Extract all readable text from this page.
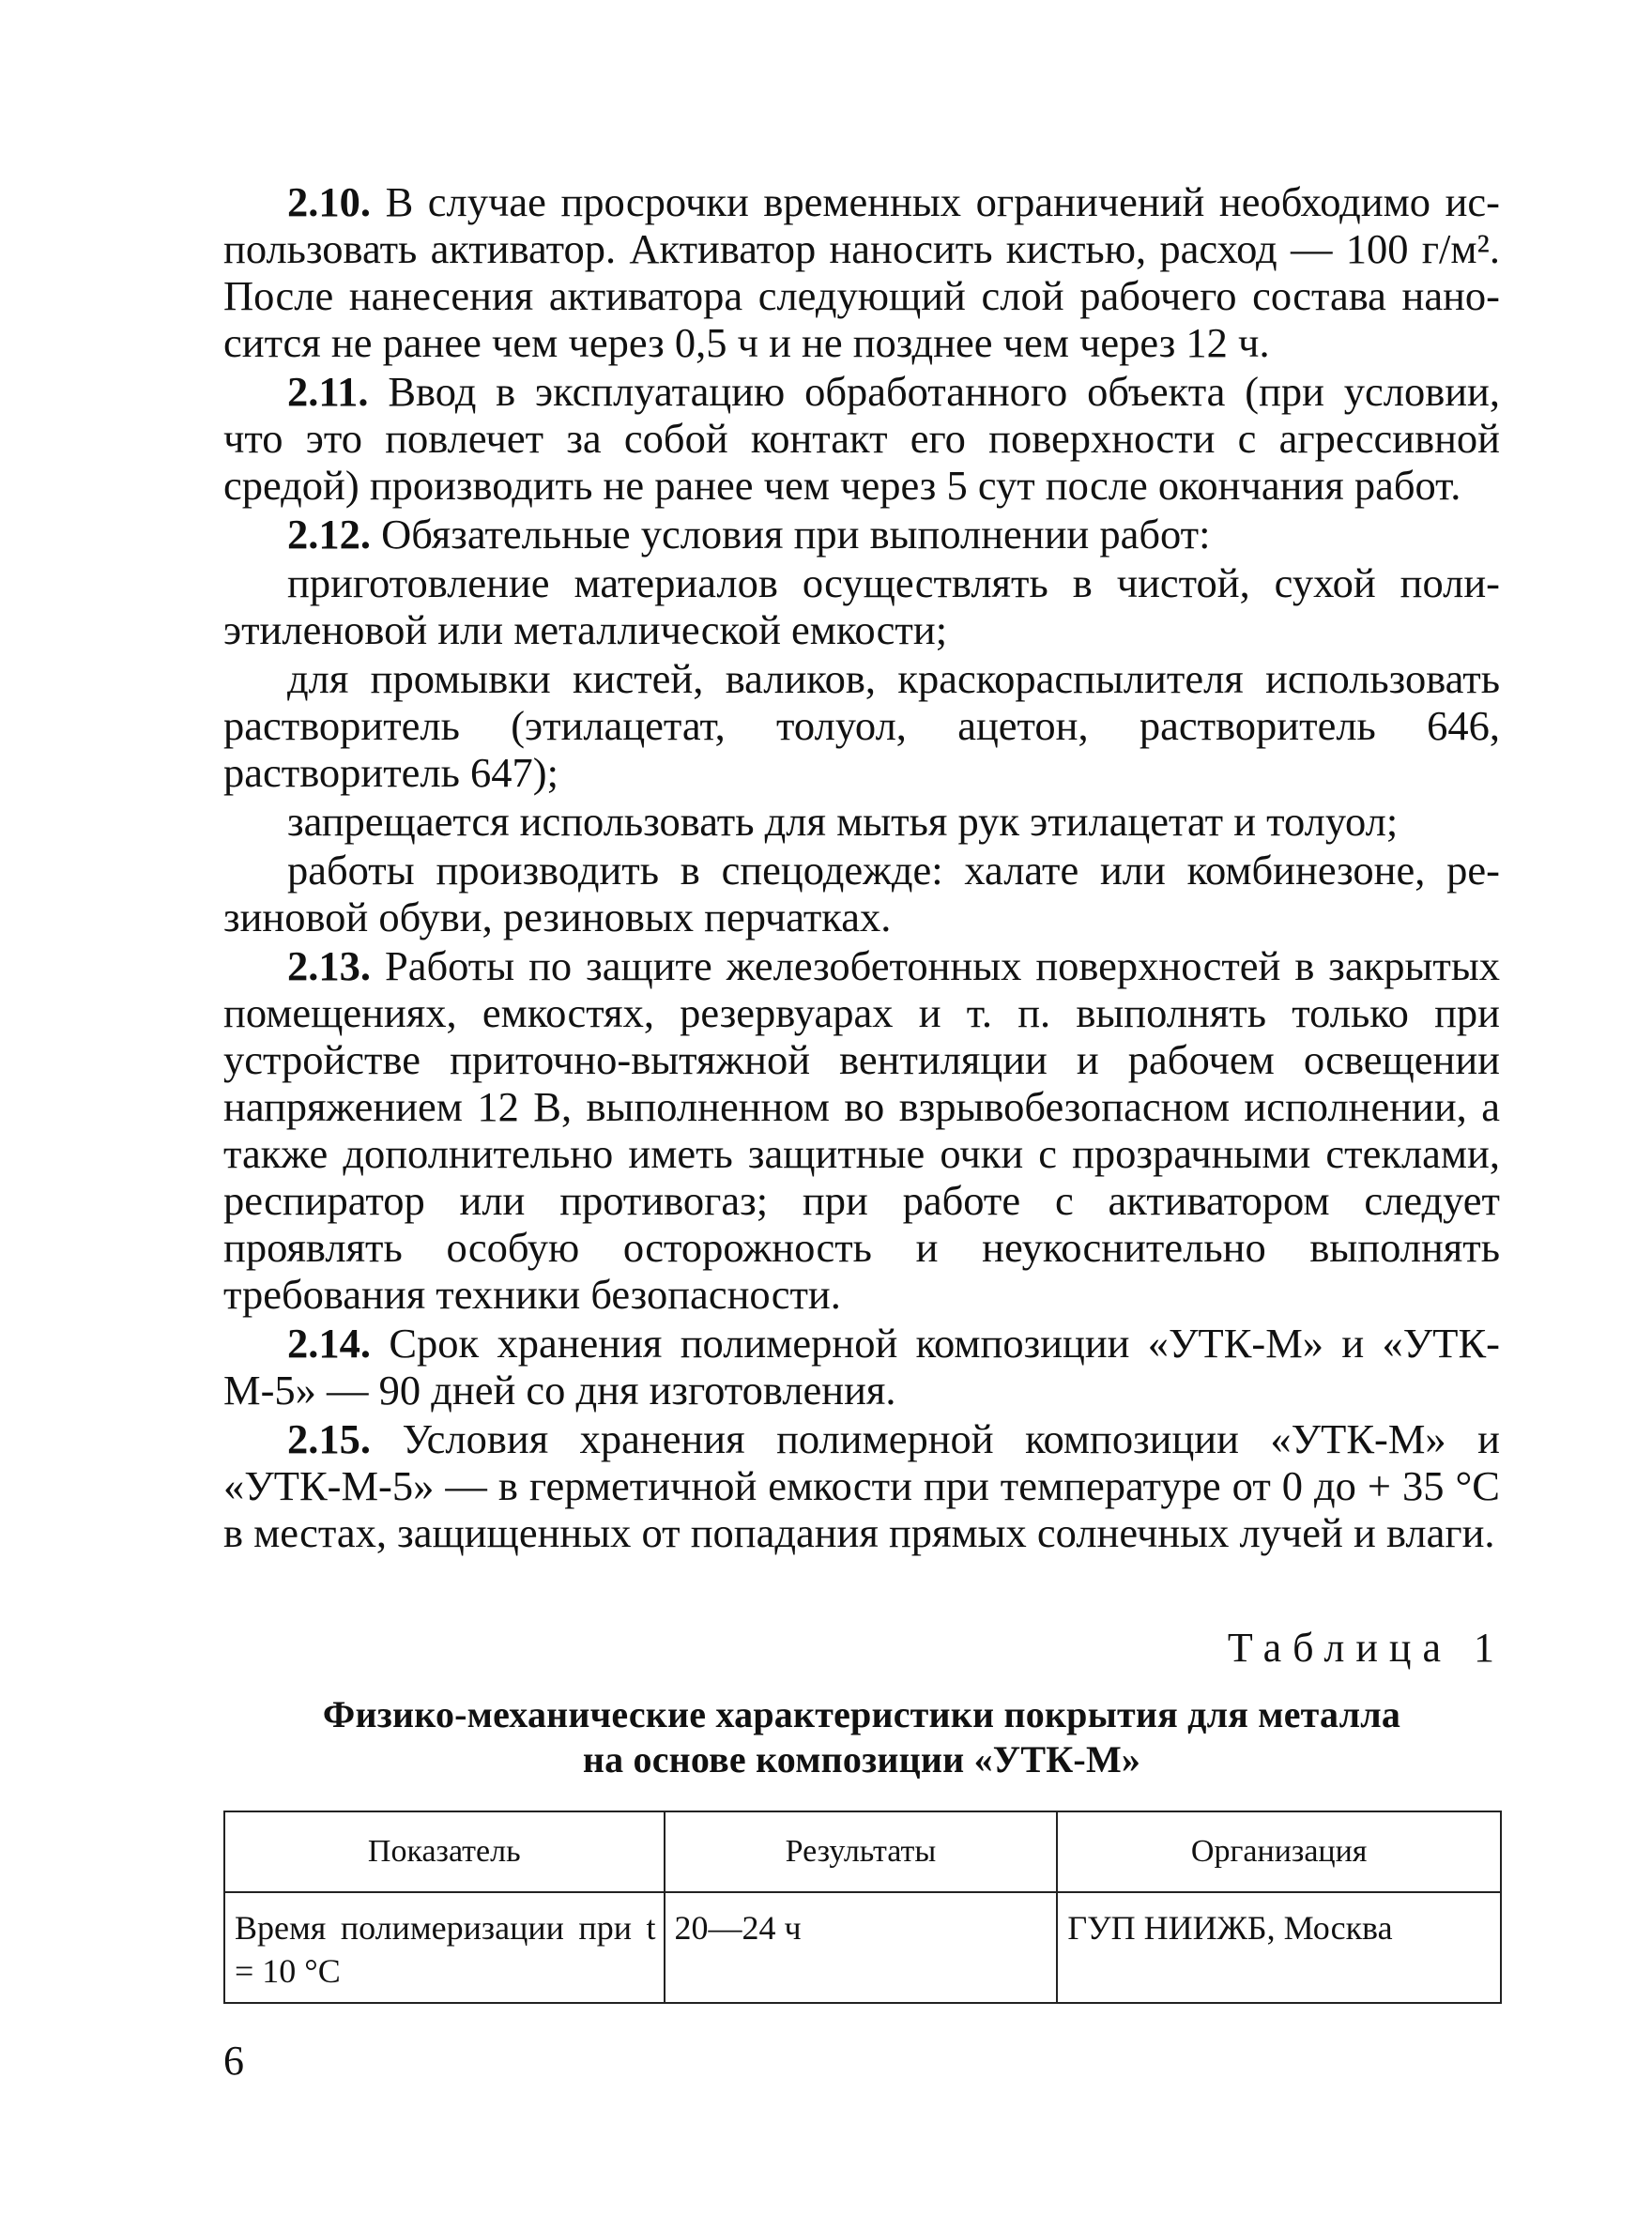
2.10. В случае просрочки временных ограничений необходимо использовать активатор. Активатор наносить кистью, расход — 100 г/м². После нанесения активатора следующий слой рабочего состава наносится не ранее чем через 0,5 ч и не позднее чем через 12 ч.

2.11. Ввод в эксплуатацию обработанного объекта (при условии, что это повлечет за собой контакт его поверхности с агрессивной средой) производить не ранее чем через 5 сут после окончания работ.

2.12. Обязательные условия при выполнении работ:

приготовление материалов осуществлять в чистой, сухой полиэтиленовой или металлической емкости;

для промывки кистей, валиков, краскораспылителя использовать растворитель (этилацетат, толуол, ацетон, растворитель 646, растворитель 647);

запрещается использовать для мытья рук этилацетат и толуол;

работы производить в спецодежде: халате или комбинезоне, резиновой обуви, резиновых перчатках.

2.13. Работы по защите железобетонных поверхностей в закрытых помещениях, емкостях, резервуарах и т. п. выполнять только при устройстве приточно-вытяжной вентиляции и рабочем освещении напряжением 12 В, выполненном во взрывобезопасном исполнении, а также дополнительно иметь защитные очки с прозрачными стеклами, респиратор или противогаз; при работе с активатором следует проявлять особую осторожность и неукоснительно выполнять требования техники безопасности.

2.14. Срок хранения полимерной композиции «УТК-М» и «УТК-М-5» — 90 дней со дня изготовления.

2.15. Условия хранения полимерной композиции «УТК-М» и «УТК-М-5» — в герметичной емкости при температуре от 0 до + 35 °С в местах, защищенных от попадания прямых солнечных лучей и влаги.

Таблица 1
Физико-механические характеристики покрытия для металла
на основе композиции «УТК-М»
Показатель	Результаты	Организация
Время полимеризации при t = 10 °С	20—24 ч	ГУП НИИЖБ, Москва
6
